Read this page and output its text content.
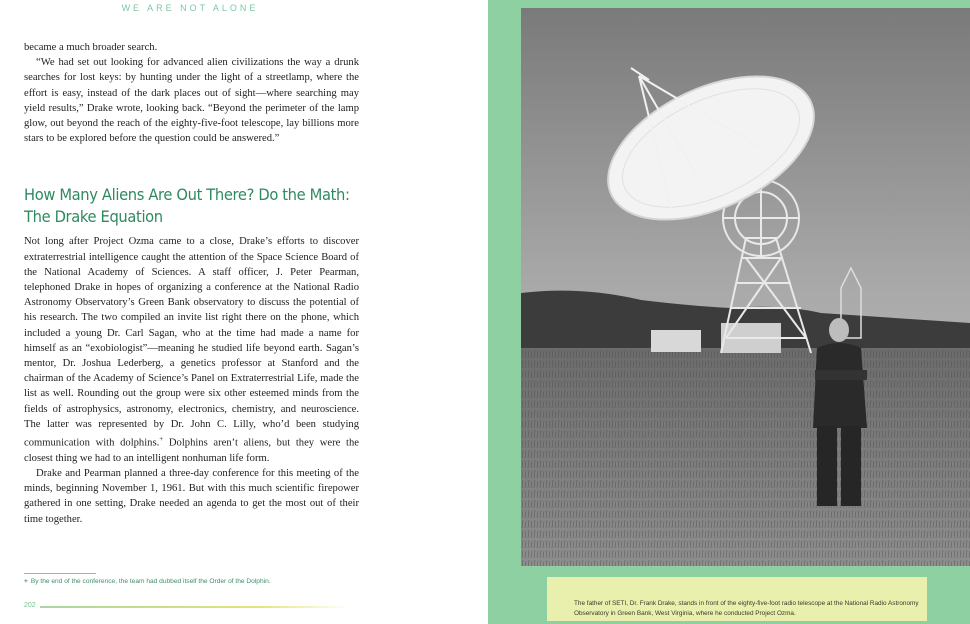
WE ARE NOT ALONE

became a much broader search.

“We had set out looking for advanced alien civilizations the way a drunk searches for lost keys: by hunting under the light of a streetlamp, where the effort is easy, instead of the dark places out of sight—where searching may yield results,” Drake wrote, looking back. “Beyond the perimeter of the lamp glow, out beyond the reach of the eighty-five-foot telescope, lay billions more stars to be explored before the question could be answered.”

How Many Aliens Are Out There? Do the Math:
The Drake Equation

Not long after Project Ozma came to a close, Drake’s efforts to discover extraterrestrial intelligence caught the attention of the Space Science Board of the National Academy of Sciences. A staff officer, J. Peter Pearman, telephoned Drake in hopes of organizing a conference at the National Radio Astronomy Observatory’s Green Bank observatory to discuss the potential of his research. The two compiled an invite list right there on the phone, which included a young Dr. Carl Sagan, who at the time had made a name for himself as an “exobiologist”—meaning he studied life beyond earth. Sagan’s mentor, Dr. Joshua Lederberg, a genetics professor at Stanford and the chairman of the Academy of Science’s Panel on Extraterrestrial Life, made the list as well. Rounding out the group were six other esteemed minds from the fields of astrophysics, astronomy, electronics, chemistry, and neuroscience. The latter was represented by Dr. John C. Lilly, who’d been studying communication with dolphins.+ Dolphins aren’t aliens, but they were the closest thing we had to an intelligent nonhuman life form.

Drake and Pearman planned a three-day conference for this meeting of the minds, beginning November 1, 1961. But with this much scientific firepower gathered in one setting, Drake needed an agenda to get the most out of their time together.

+ By the end of the conference, the team had dubbed itself the Order of the Dolphin.
202	The father of SETI, Dr. Frank Drake, stands in front of the eighty-five-foot radio telescope at the National Radio Astronomy Observatory in Green Bank, West Virginia, where he conducted Project Ozma.
